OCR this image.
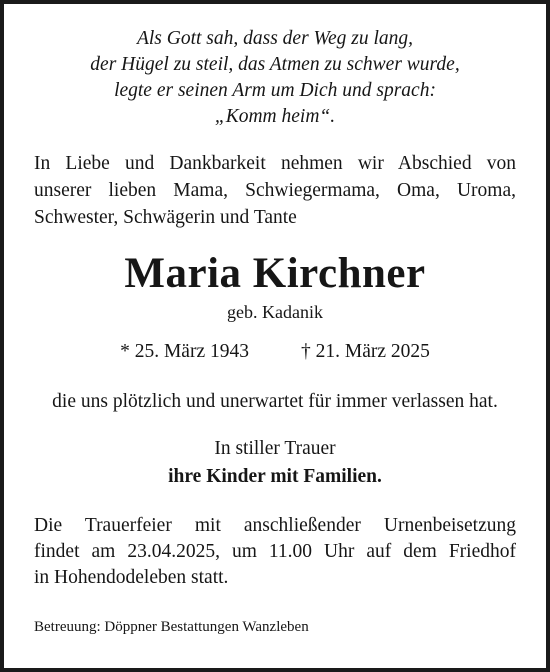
Als Gott sah, dass der Weg zu lang,
der Hügel zu steil, das Atmen zu schwer wurde,
legte er seinen Arm um Dich und sprach:
„Komm heim“.
In Liebe und Dankbarkeit nehmen wir Abschied von
unserer lieben Mama, Schwiegermama, Oma, Uroma,
Schwester, Schwägerin und Tante
Maria Kirchner
geb. Kadanik
* 25. März 1943	† 21. März 2025
die uns plötzlich und unerwartet für immer verlassen hat.
In stiller Trauer
ihre Kinder mit Familien.
Die Trauerfeier mit anschließender Urnenbeisetzung
findet am 23.04.2025, um 11.00 Uhr auf dem Friedhof
in Hohendodeleben statt.
Betreuung: Döppner Bestattungen Wanzleben
